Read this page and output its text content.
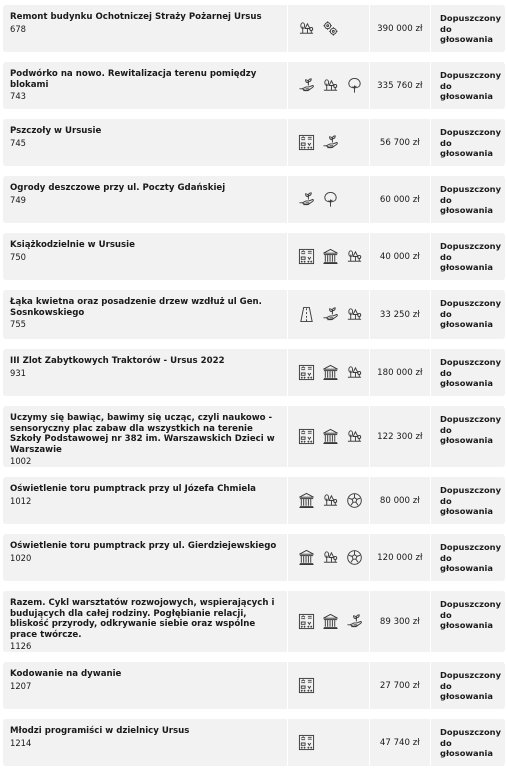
Remont budynku Ochotniczej Straży Pożarnej Ursus
678	390 000 zł
Dopuszczony do głosowania
Podwórko na nowo. Rewitalizacja terenu pomiędzy blokami
743
335 760 zł
Dopuszczony do głosowania
Pszczoły w Ursusie
745	56 700 zł
Dopuszczony do głosowania
Ogrody deszczowe przy ul. Poczty Gdańskiej
749	60 000 zł
Dopuszczony do głosowania
Książkodzielnie w Ursusie
750	40 000 zł
Dopuszczony do głosowania
Łąka kwietna oraz posadzenie drzew wzdłuż ul Gen. Sosnkowskiego
755
33 250 zł
Dopuszczony do głosowania
III Zlot Zabytkowych Traktorów - Ursus 2022
931	180 000 zł
Dopuszczony do głosowania
Uczymy się bawiąc, bawimy się ucząc, czyli naukowo - sensoryczny plac zabaw dla wszystkich na terenie Szkoły Podstawowej nr 382 im. Warszawskich Dzieci w Warszawie
1002
122 300 zł
Dopuszczony do głosowania
Oświetlenie toru pumptrack przy ul Józefa Chmiela
1012	80 000 zł
Dopuszczony do głosowania
Oświetlenie toru pumptrack przy ul. Gierdziejewskiego
1020	120 000 zł
Dopuszczony do głosowania
Razem. Cykl warsztatów rozwojowych, wspierających i budujących dla całej rodziny. Pogłębianie relacji, bliskość przyrody, odkrywanie siebie oraz wspólne prace twórcze.
1126
89 300 zł
Dopuszczony do głosowania
Kodowanie na dywanie
1207	27 700 zł
Dopuszczony do głosowania
Młodzi programiści w dzielnicy Ursus
1214	47 740 zł
Dopuszczony do głosowania
